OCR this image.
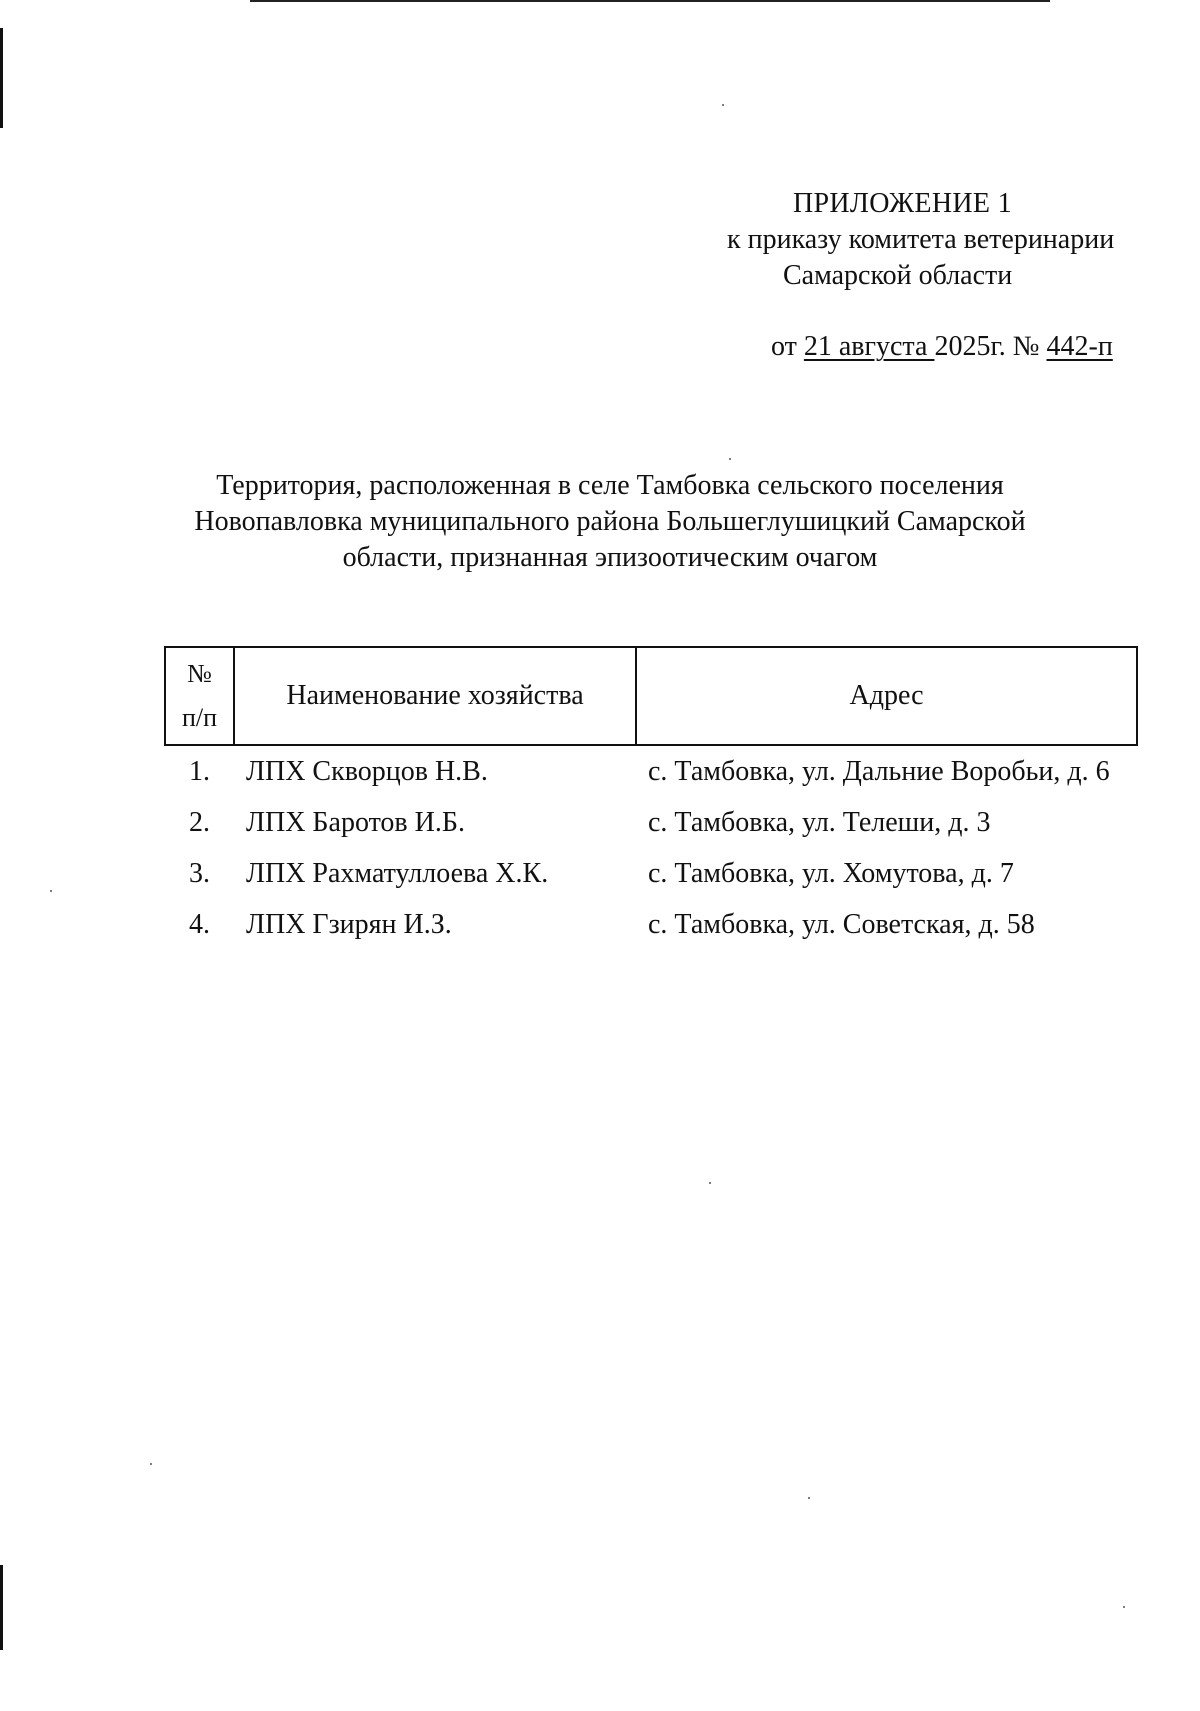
ПРИЛОЖЕНИЕ 1
к приказу комитета ветеринарии
Самарской области
от 21 августа 2025г. № 442-п
Территория, расположенная в селе Тамбовка сельского поселения
Новопавловка муниципального района Большеглушицкий Самарской
области, признанная эпизоотическим очагом
№
п/п	Наименование хозяйства	Адрес
1.	ЛПХ Скворцов Н.В.	с. Тамбовка, ул. Дальние Воробьи, д. 6
2.	ЛПХ Баротов И.Б.	с. Тамбовка, ул. Телеши, д. 3
3.	ЛПХ Рахматуллоева Х.К.	с. Тамбовка, ул. Хомутова, д. 7
4.	ЛПХ Гзирян И.З.	с. Тамбовка, ул. Советская, д. 58
